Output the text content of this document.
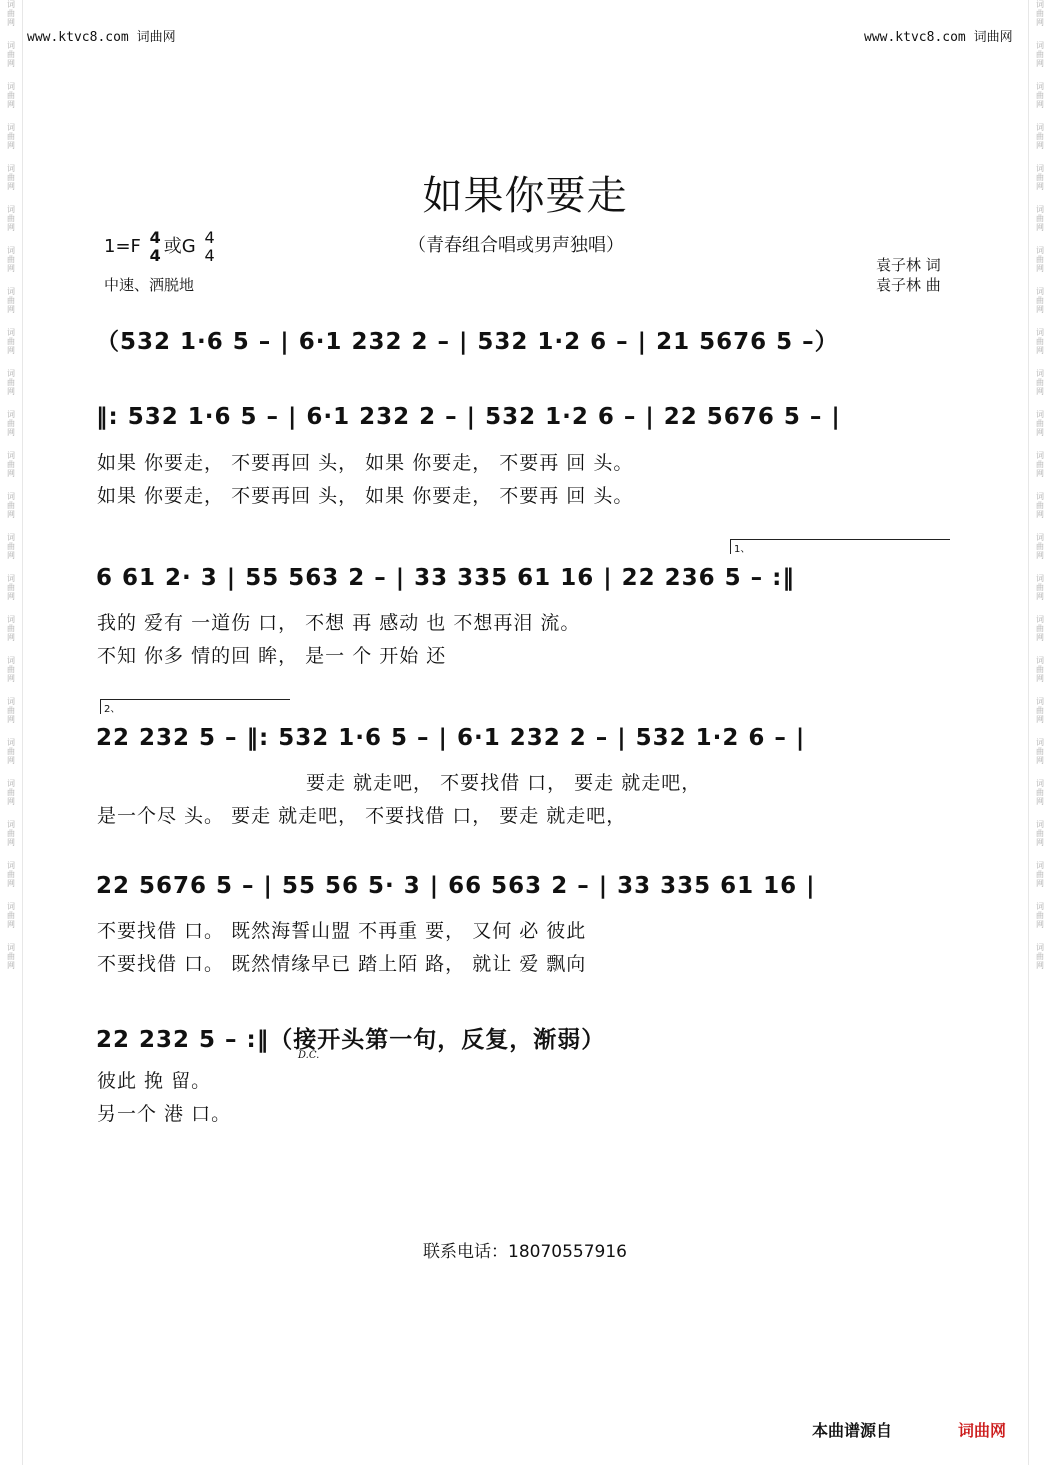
词
曲
网
词
曲
网
词
曲
网
词
曲
网
词
曲
网
词
曲
网
词
曲
网
词
曲
网
词
曲
网
词
曲
网
词
曲
网
词
曲
网
词
曲
网
词
曲
网
词
曲
网
词
曲
网
词
曲
网
词
曲
网
词
曲
网
词
曲
网
词
曲
网
词
曲
网
词
曲
网
词
曲
网
词
曲
网
词
曲
网
词
曲
网
词
曲
网
词
曲
网
词
曲
网
词
曲
网
词
曲
网
词
曲
网
词
曲
网
词
曲
网
词
曲
网
词
曲
网
词
曲
网
词
曲
网
词
曲
网
词
曲
网
词
曲
网
词
曲
网
词
曲
网
词
曲
网
词
曲
网
词
曲
网
词
曲
网
www.ktvc8.com 词曲网	www.ktvc8.com 词曲网
如果你要走
（青春组合唱或男声独唱）
1=F 4
4 或G 4
4
中速、洒脱地
袁子林 词
袁子林 曲
（532 1·6 5 – | 6·1 232 2 – | 532 1·2 6 – | 21 5676 5 –）
‖: 532 1·6 5 – | 6·1 232 2 – | 532 1·2 6 – | 22 5676 5 – |
如果 你要走， 不要再回 头， 如果 你要走， 不要再 回 头。
如果 你要走， 不要再回 头， 如果 你要走， 不要再 回 头。
1、
6 61 2· 3 | 55 563 2 – | 33 335 61 16 | 22 236 5 – :‖
我的 爱有 一道伤 口， 不想 再 感动 也 不想再泪 流。
不知 你多 情的回 眸， 是一 个 开始 还
2、
22 232 5 – ‖: 532 1·6 5 – | 6·1 232 2 – | 532 1·2 6 – |
要走 就走吧， 不要找借 口， 要走 就走吧，
是一个尽 头。 要走 就走吧， 不要找借 口， 要走 就走吧，
22 5676 5 – | 55 56 5· 3 | 66 563 2 – | 33 335 61 16 |
不要找借 口。 既然海誓山盟 不再重 要， 又何 必 彼此
不要找借 口。 既然情缘早已 踏上陌 路， 就让 爱 飘向
22 232 5 – :‖（接开头第一句，反复，渐弱）
D.C.
彼此 挽 留。
另一个 港 口。
联系电话：18070557916
本曲谱源自	词曲网
